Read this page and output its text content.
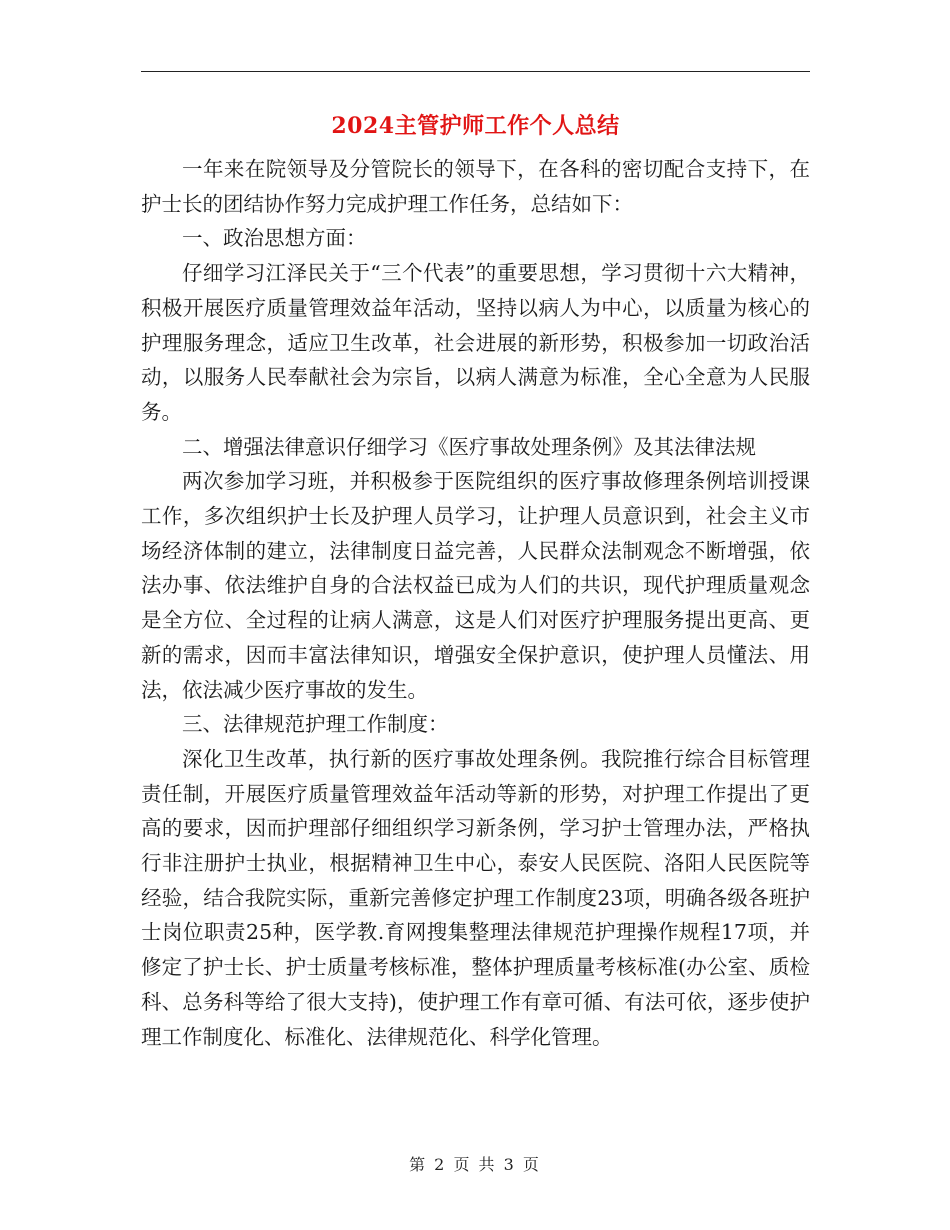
2024主管护师工作个人总结

一年来在院领导及分管院长的领导下，在各科的密切配合支持下，在护士长的团结协作努力完成护理工作任务，总结如下：

一、政治思想方面：

仔细学习江泽民关于“三个代表”的重要思想，学习贯彻十六大精神，积极开展医疗质量管理效益年活动，坚持以病人为中心，以质量为核心的护理服务理念，适应卫生改革，社会进展的新形势，积极参加一切政治活动，以服务人民奉献社会为宗旨，以病人满意为标准，全心全意为人民服务。

二、增强法律意识仔细学习《医疗事故处理条例》及其法律法规

两次参加学习班，并积极参于医院组织的医疗事故修理条例培训授课工作，多次组织护士长及护理人员学习，让护理人员意识到，社会主义市场经济体制的建立，法律制度日益完善，人民群众法制观念不断增强，依法办事、依法维护自身的合法权益已成为人们的共识，现代护理质量观念是全方位、全过程的让病人满意，这是人们对医疗护理服务提出更高、更新的需求，因而丰富法律知识，增强安全保护意识，使护理人员懂法、用法，依法减少医疗事故的发生。

三、法律规范护理工作制度：

深化卫生改革，执行新的医疗事故处理条例。我院推行综合目标管理责任制，开展医疗质量管理效益年活动等新的形势，对护理工作提出了更高的要求，因而护理部仔细组织学习新条例，学习护士管理办法，严格执行非注册护士执业，根据精神卫生中心，泰安人民医院、洛阳人民医院等经验，结合我院实际，重新完善修定护理工作制度23项，明确各级各班护士岗位职责25种，医学教.育网搜集整理法律规范护理操作规程17项，并修定了护士长、护士质量考核标准，整体护理质量考核标准(办公室、质检科、总务科等给了很大支持)，使护理工作有章可循、有法可依，逐步使护理工作制度化、标准化、法律规范化、科学化管理。

第 2 页 共 3 页
